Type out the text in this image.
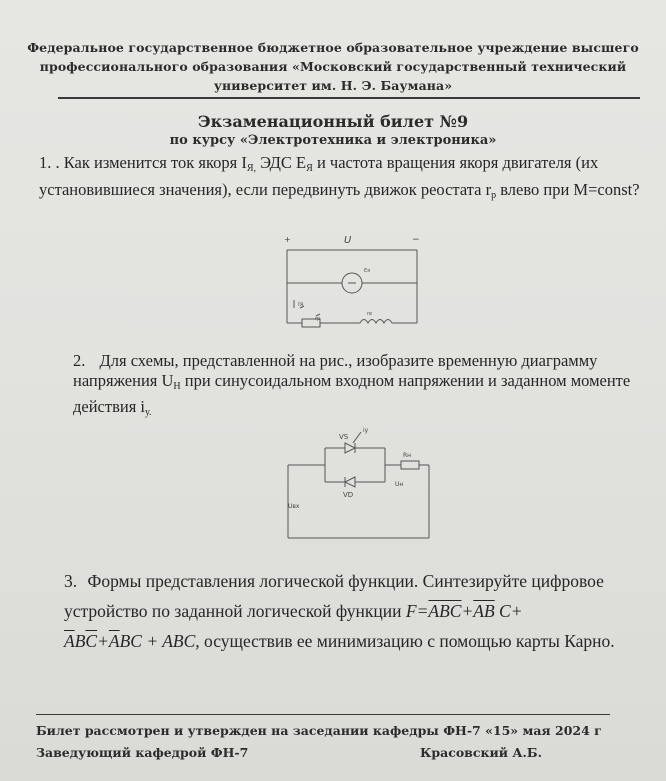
Федеральное государственное бюджетное образовательное учреждение высшего
профессионального образования «Московский государственный технический
университет им. Н. Э. Баумана»
Экзаменационный билет №9
по курсу «Электротехника и электроника»
1. . Как изменится ток якоря $I_{Я,}$ ЭДС $Е_Я$ и частота вращения якоря двигателя (их установившиеся значения), если передвинуть движок реостата $r_р$ влево при M=const?
+	U	−
Eя
Iя
rр
rв
2. Для схемы, представленной на рис., изобразите временную диаграмму напряжения $U_Н$ при синусоидальном входном напряжении и заданном моменте действия $i_{у.}$
VS
iу
Rн
Uн
VD
Uвх
3. Формы представления логической функции. Синтезируйте цифровое устройство по заданной логической функции $F=\overline{ABC}+\overline{AB}$ C+
$\overline{A}B\overline{C}+\overline{A}BC$ + ABC, осуществив ее минимизацию с помощью карты Карно.
Билет рассмотрен и утвержден на заседании кафедры ФН-7 «15» мая 2024 г
Заведующий кафедрой ФН-7	Красовский А.Б.
